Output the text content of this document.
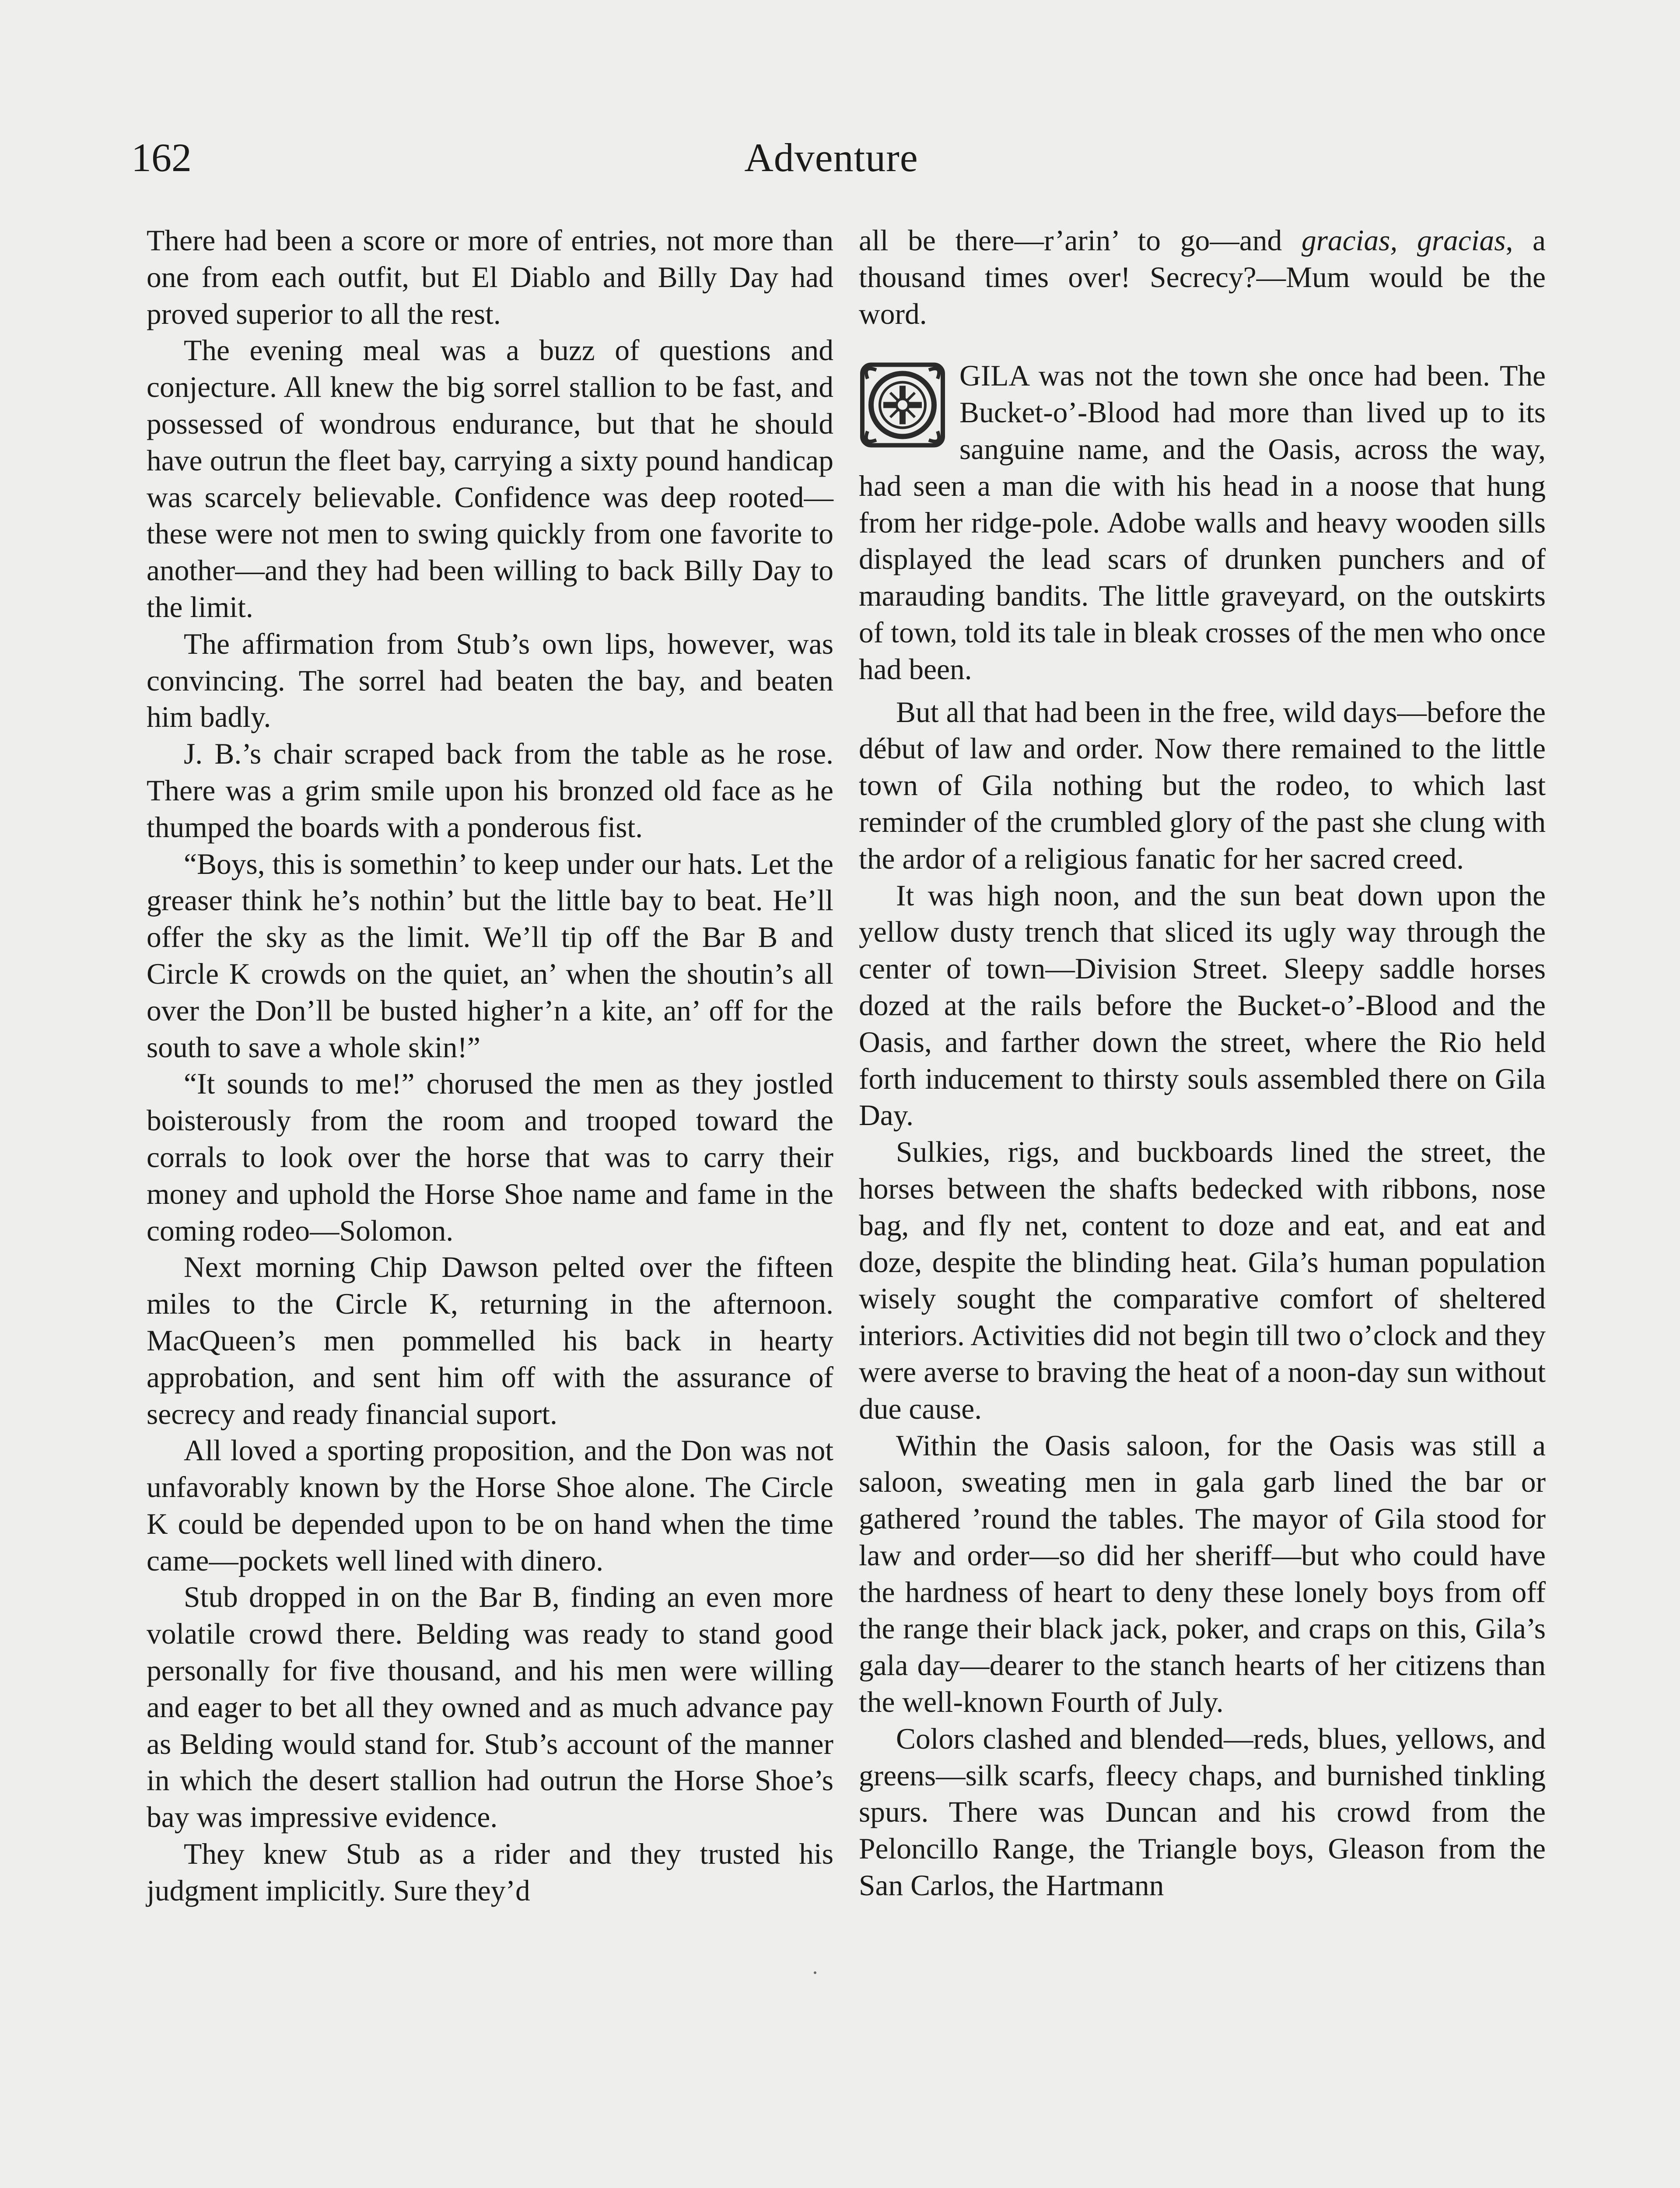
162	Adventure

There had been a score or more of entries, not more than one from each outfit, but El Diablo and Billy Day had proved superior to all the rest.

The evening meal was a buzz of questions and conjecture. All knew the big sorrel stallion to be fast, and possessed of wondrous endurance, but that he should have outrun the fleet bay, carrying a sixty pound handicap was scarcely believable. Confidence was deep rooted—these were not men to swing quickly from one favorite to another—and they had been willing to back Billy Day to the limit.

The affirmation from Stub’s own lips, however, was convincing. The sorrel had beaten the bay, and beaten him badly.

J. B.’s chair scraped back from the table as he rose. There was a grim smile upon his bronzed old face as he thumped the boards with a ponderous fist.

“Boys, this is somethin’ to keep under our hats. Let the greaser think he’s nothin’ but the little bay to beat. He’ll offer the sky as the limit. We’ll tip off the Bar B and Circle K crowds on the quiet, an’ when the shoutin’s all over the Don’ll be busted higher’n a kite, an’ off for the south to save a whole skin!”

“It sounds to me!” chorused the men as they jostled boisterously from the room and trooped toward the corrals to look over the horse that was to carry their money and uphold the Horse Shoe name and fame in the coming rodeo—Solomon.

Next morning Chip Dawson pelted over the fifteen miles to the Circle K, returning in the afternoon. MacQueen’s men pommelled his back in hearty approbation, and sent him off with the assurance of secrecy and ready financial suport.

All loved a sporting proposition, and the Don was not unfavorably known by the Horse Shoe alone. The Circle K could be depended upon to be on hand when the time came—pockets well lined with dinero.

Stub dropped in on the Bar B, finding an even more volatile crowd there. Belding was ready to stand good personally for five thousand, and his men were willing and eager to bet all they owned and as much advance pay as Belding would stand for. Stub’s account of the manner in which the desert stallion had outrun the Horse Shoe’s bay was impressive evidence.

They knew Stub as a rider and they trusted his judgment implicitly. Sure they’d

all be there—r’arin’ to go—and gracias, gracias, a thousand times over! Secrecy?—Mum would be the word.

GILA was not the town she once had been. The Bucket-o’-Blood had more than lived up to its sanguine name, and the Oasis, across the way, had seen a man die with his head in a noose that hung from her ridge-pole. Adobe walls and heavy wooden sills displayed the lead scars of drunken punchers and of marauding bandits. The little graveyard, on the outskirts of town, told its tale in bleak crosses of the men who once had been.

But all that had been in the free, wild days—before the début of law and order. Now there remained to the little town of Gila nothing but the rodeo, to which last reminder of the crumbled glory of the past she clung with the ardor of a religious fanatic for her sacred creed.

It was high noon, and the sun beat down upon the yellow dusty trench that sliced its ugly way through the center of town—Division Street. Sleepy saddle horses dozed at the rails before the Bucket-o’-Blood and the Oasis, and farther down the street, where the Rio held forth inducement to thirsty souls assembled there on Gila Day.

Sulkies, rigs, and buckboards lined the street, the horses between the shafts bedecked with ribbons, nose bag, and fly net, content to doze and eat, and eat and doze, despite the blinding heat. Gila’s human population wisely sought the comparative comfort of sheltered interiors. Activities did not begin till two o’clock and they were averse to braving the heat of a noon-day sun without due cause.

Within the Oasis saloon, for the Oasis was still a saloon, sweating men in gala garb lined the bar or gathered ’round the tables. The mayor of Gila stood for law and order—so did her sheriff—but who could have the hardness of heart to deny these lonely boys from off the range their black jack, poker, and craps on this, Gila’s gala day—dearer to the stanch hearts of her citizens than the well-known Fourth of July.

Colors clashed and blended—reds, blues, yellows, and greens—silk scarfs, fleecy chaps, and burnished tinkling spurs. There was Duncan and his crowd from the Peloncillo Range, the Triangle boys, Gleason from the San Carlos, the Hartmann
